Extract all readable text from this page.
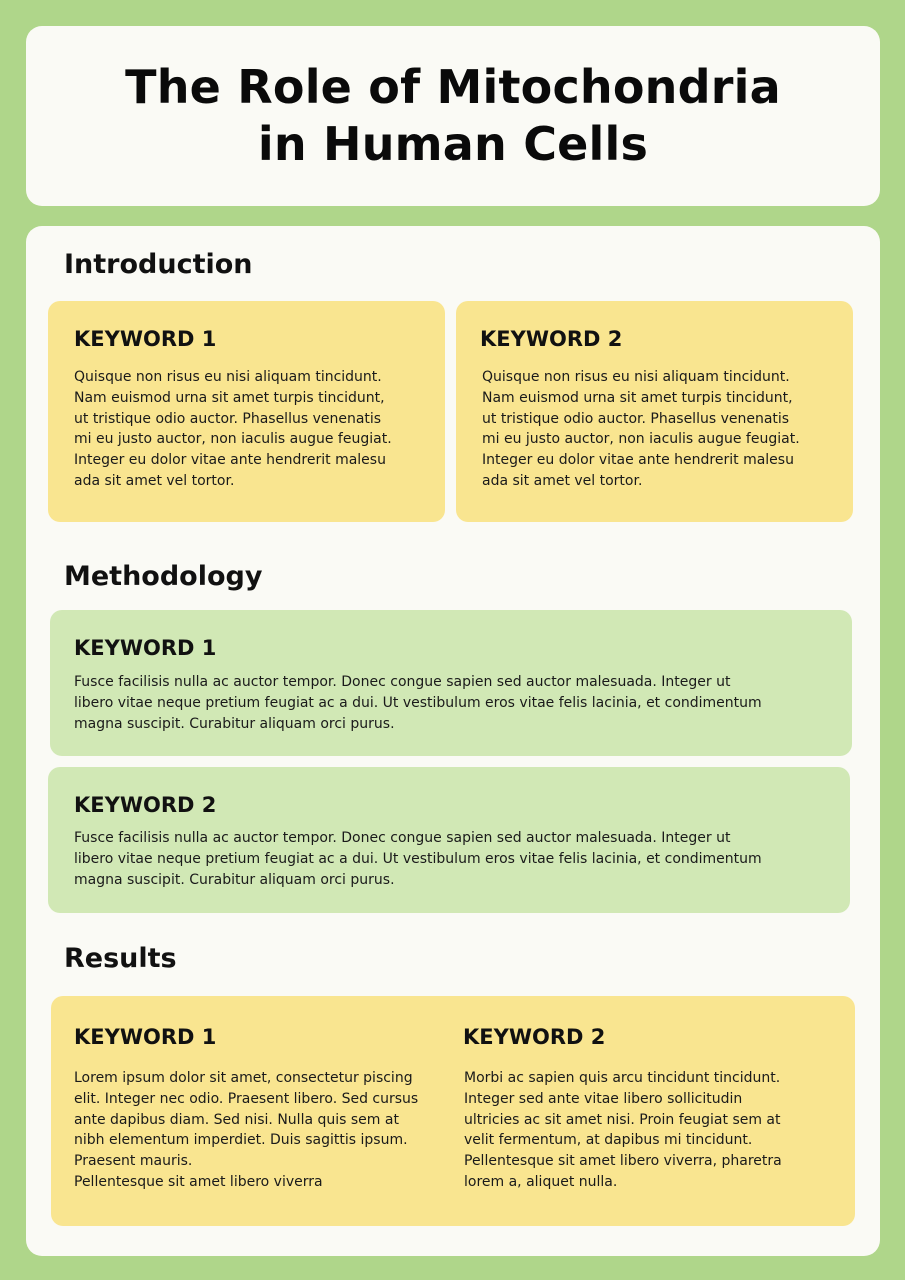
The Role of Mitochondria
in Human Cells
Introduction
KEYWORD 1
Quisque non risus eu nisi aliquam tincidunt.
Nam euismod urna sit amet turpis tincidunt,
ut tristique odio auctor. Phasellus venenatis
mi eu justo auctor, non iaculis augue feugiat.
Integer eu dolor vitae ante hendrerit malesu
ada sit amet vel tortor.
KEYWORD 2
Quisque non risus eu nisi aliquam tincidunt.
Nam euismod urna sit amet turpis tincidunt,
ut tristique odio auctor. Phasellus venenatis
mi eu justo auctor, non iaculis augue feugiat.
Integer eu dolor vitae ante hendrerit malesu
ada sit amet vel tortor.
Methodology
KEYWORD 1
Fusce facilisis nulla ac auctor tempor. Donec congue sapien sed auctor malesuada. Integer ut
libero vitae neque pretium feugiat ac a dui. Ut vestibulum eros vitae felis lacinia, et condimentum
magna suscipit. Curabitur aliquam orci purus.
KEYWORD 2
Fusce facilisis nulla ac auctor tempor. Donec congue sapien sed auctor malesuada. Integer ut
libero vitae neque pretium feugiat ac a dui. Ut vestibulum eros vitae felis lacinia, et condimentum
magna suscipit. Curabitur aliquam orci purus.
Results
KEYWORD 1
Lorem ipsum dolor sit amet, consectetur piscing
elit. Integer nec odio. Praesent libero. Sed cursus
ante dapibus diam. Sed nisi. Nulla quis sem at
nibh elementum imperdiet. Duis sagittis ipsum.
Praesent mauris.
Pellentesque sit amet libero viverra
KEYWORD 2
Morbi ac sapien quis arcu tincidunt tincidunt.
Integer sed ante vitae libero sollicitudin
ultricies ac sit amet nisi. Proin feugiat sem at
velit fermentum, at dapibus mi tincidunt.
Pellentesque sit amet libero viverra, pharetra
lorem a, aliquet nulla.
